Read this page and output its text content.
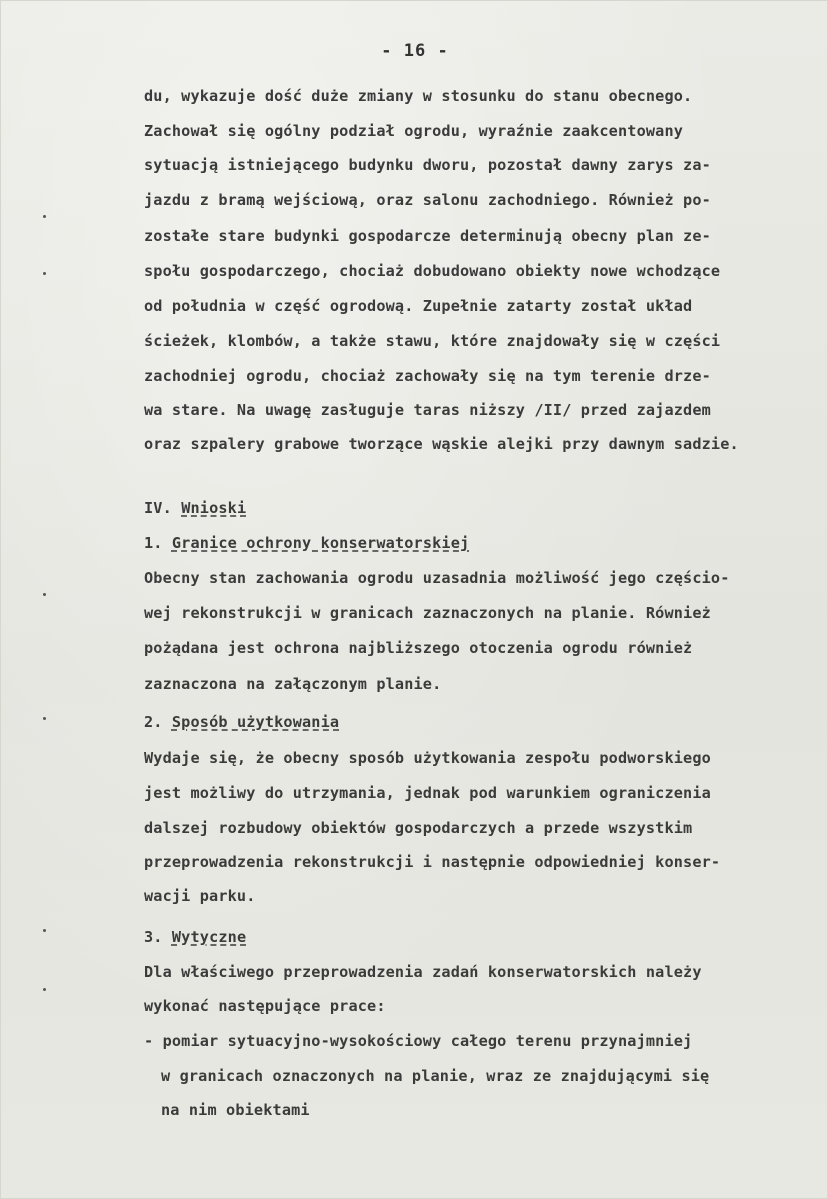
- 16 -
du, wykazuje dość duże zmiany w stosunku do stanu obecnego.
Zachował się ogólny podział ogrodu, wyraźnie zaakcentowany
sytuacją istniejącego budynku dworu, pozostał dawny zarys za-
jazdu z bramą wejściową, oraz salonu zachodniego. Również po-
zostałe stare budynki gospodarcze determinują obecny plan ze-
społu gospodarczego, chociaż dobudowano obiekty nowe wchodzące
od południa w część ogrodową. Zupełnie zatarty został układ
ścieżek, klombów, a także stawu, które znajdowały się w części
zachodniej ogrodu, chociaż zachowały się na tym terenie drze-
wa stare. Na uwagę zasługuje taras niższy /II/ przed zajazdem
oraz szpalery grabowe tworzące wąskie alejki przy dawnym sadzie.
IV. Wnioski
1. Granice ochrony konserwatorskiej
Obecny stan zachowania ogrodu uzasadnia możliwość jego częścio-
wej rekonstrukcji w granicach zaznaczonych na planie. Również
pożądana jest ochrona najbliższego otoczenia ogrodu również
zaznaczona na załączonym planie.
2. Sposób użytkowania
Wydaje się, że obecny sposób użytkowania zespołu podworskiego
jest możliwy do utrzymania, jednak pod warunkiem ograniczenia
dalszej rozbudowy obiektów gospodarczych a przede wszystkim
przeprowadzenia rekonstrukcji i następnie odpowiedniej konser-
wacji parku.
3. Wytyczne
Dla właściwego przeprowadzenia zadań konserwatorskich należy
wykonać następujące prace:
- pomiar sytuacyjno-wysokościowy całego terenu przynajmniej
w granicach oznaczonych na planie, wraz ze znajdującymi się
na nim obiektami
